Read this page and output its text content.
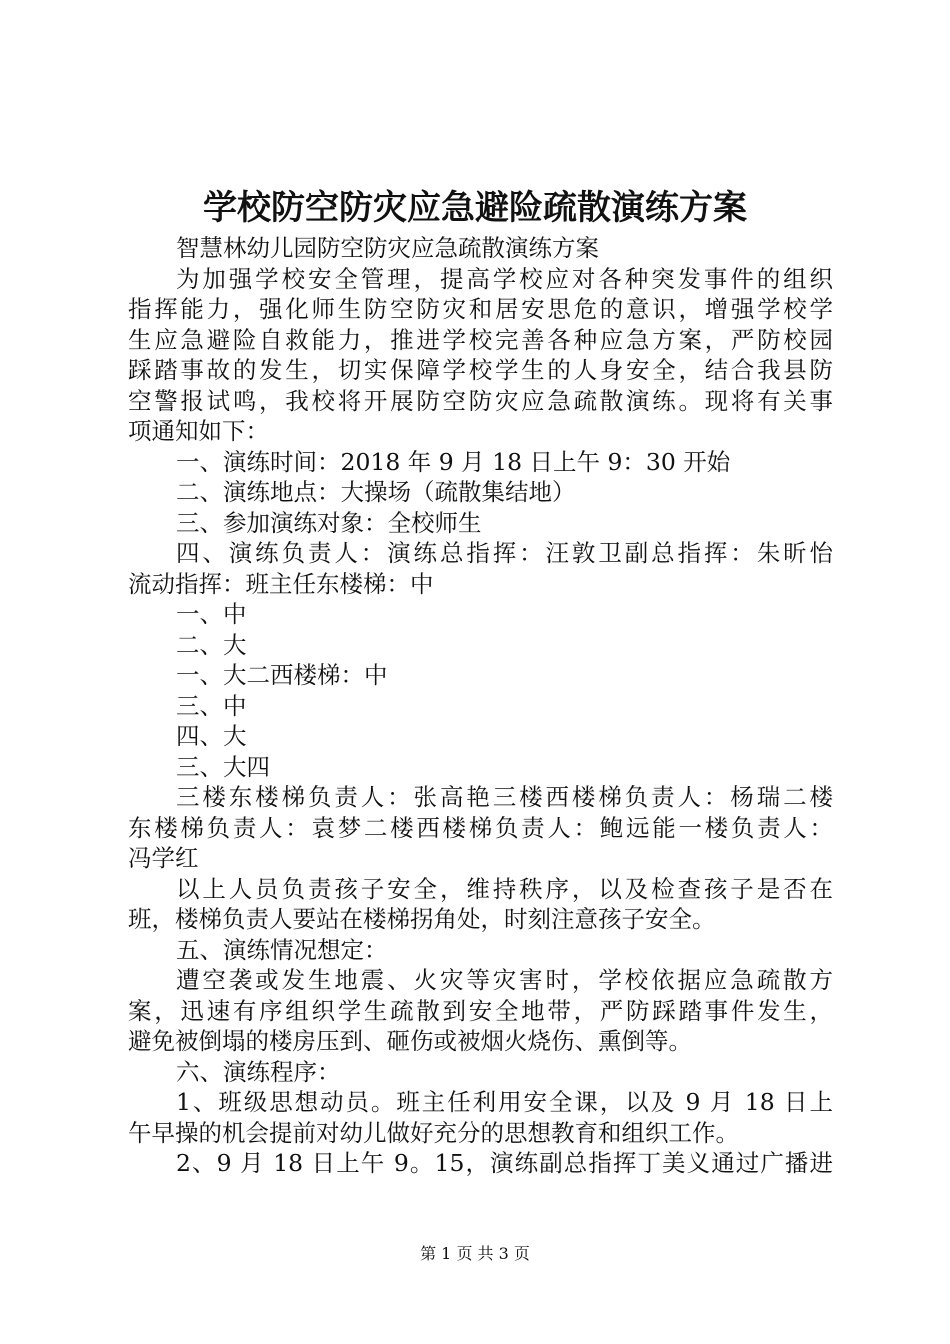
学校防空防灾应急避险疏散演练方案
智慧林幼儿园防空防灾应急疏散演练方案
为加强学校安全管理，提高学校应对各种突发事件的组织
指挥能力，强化师生防空防灾和居安思危的意识，增强学校学
生应急避险自救能力，推进学校完善各种应急方案，严防校园
踩踏事故的发生，切实保障学校学生的人身安全，结合我县防
空警报试鸣，我校将开展防空防灾应急疏散演练。现将有关事
项通知如下：
一、演练时间：2018 年 9 月 18 日上午 9：30 开始
二、演练地点：大操场（疏散集结地）
三、参加演练对象：全校师生
四、演练负责人：演练总指挥：汪敦卫副总指挥：朱昕怡
流动指挥：班主任东楼梯：中
一、中
二、大
一、大二西楼梯：中
三、中
四、大
三、大四
三楼东楼梯负责人：张高艳三楼西楼梯负责人：杨瑞二楼
东楼梯负责人：袁梦二楼西楼梯负责人：鲍远能一楼负责人：
冯学红
以上人员负责孩子安全，维持秩序，以及检查孩子是否在
班，楼梯负责人要站在楼梯拐角处，时刻注意孩子安全。
五、演练情况想定：
遭空袭或发生地震、火灾等灾害时，学校依据应急疏散方
案，迅速有序组织学生疏散到安全地带，严防踩踏事件发生，
避免被倒塌的楼房压到、砸伤或被烟火烧伤、熏倒等。
六、演练程序：
1、班级思想动员。班主任利用安全课，以及 9 月 18 日上
午早操的机会提前对幼儿做好充分的思想教育和组织工作。
2、9 月 18 日上午 9。15，演练副总指挥丁美义通过广播进
第 1 页 共 3 页
